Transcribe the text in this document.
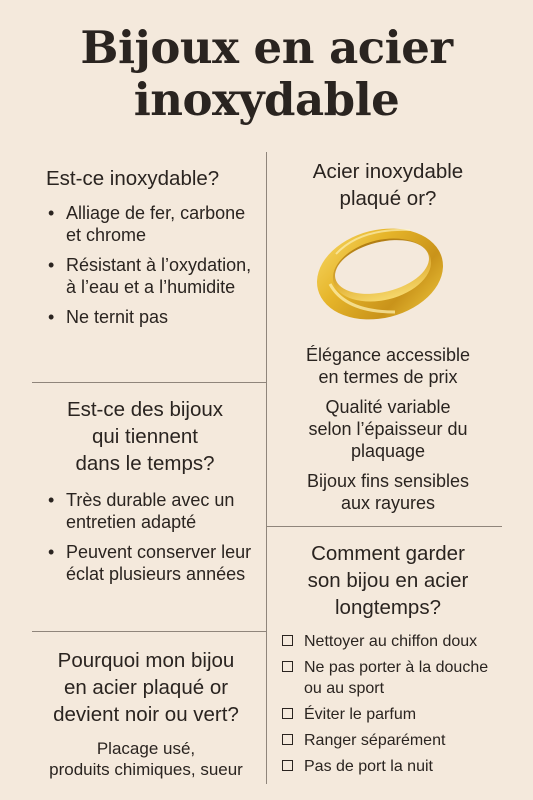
Bijoux en acier
inoxydable
Est-ce inoxydable?
• Alliage de fer, carbone et chrome
• Résistant à l’oxydation, à l’eau et a l’humidite
• Ne ternit pas
Est-ce des bijoux
qui tiennent
dans le temps?
• Très durable avec un entretien adapté
• Peuvent conserver leur éclat plusieurs années
Pourquoi mon bijou
en acier plaqué or
devient noir ou vert?
Placage usé,
produits chimiques, sueur
Acier inoxydable
plaqué or?
Élégance accessible
en termes de prix
Qualité variable
selon l’épaisseur du
plaquage
Bijoux fins sensibles
aux rayures
Comment garder
son bijou en acier
longtemps?
Nettoyer au chiffon doux
Ne pas porter à la douche ou au sport
Éviter le parfum
Ranger séparément
Pas de port la nuit
